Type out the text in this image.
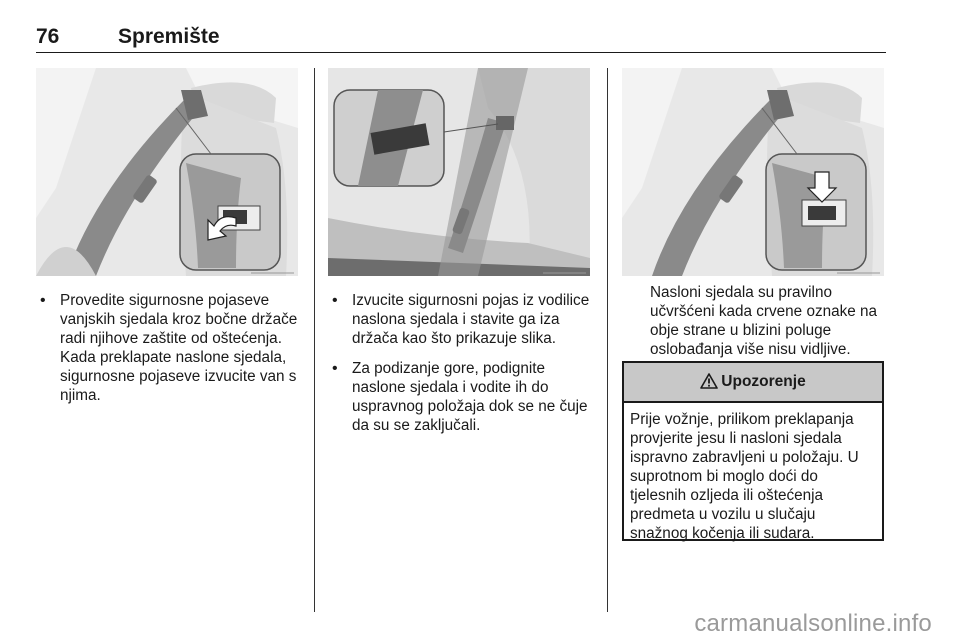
76	Spremište
• Provedite sigurnosne pojaseve vanjskih sjedala kroz bočne držače radi njihove zaštite od oštećenja. Kada preklapate naslone sjedala, sigurnosne pojaseve izvucite van s njima.
• Izvucite sigurnosni pojas iz vodilice naslona sjedala i stavite ga iza držača kao što prikazuje slika.
• Za podizanje gore, podignite naslone sjedala i vodite ih do uspravnog položaja dok se ne čuje da su se zaključali.
Nasloni sjedala su pravilno učvršćeni kada crvene oznake na obje strane u blizini poluge oslobađanja više nisu vidljive.
Upozorenje
Prije vožnje, prilikom preklapanja provjerite jesu li nasloni sjedala ispravno zabravljeni u položaju. U suprotnom bi moglo doći do tjelesnih ozljeda ili oštećenja predmeta u vozilu u slučaju snažnog kočenja ili sudara.
carmanualsonline.info
